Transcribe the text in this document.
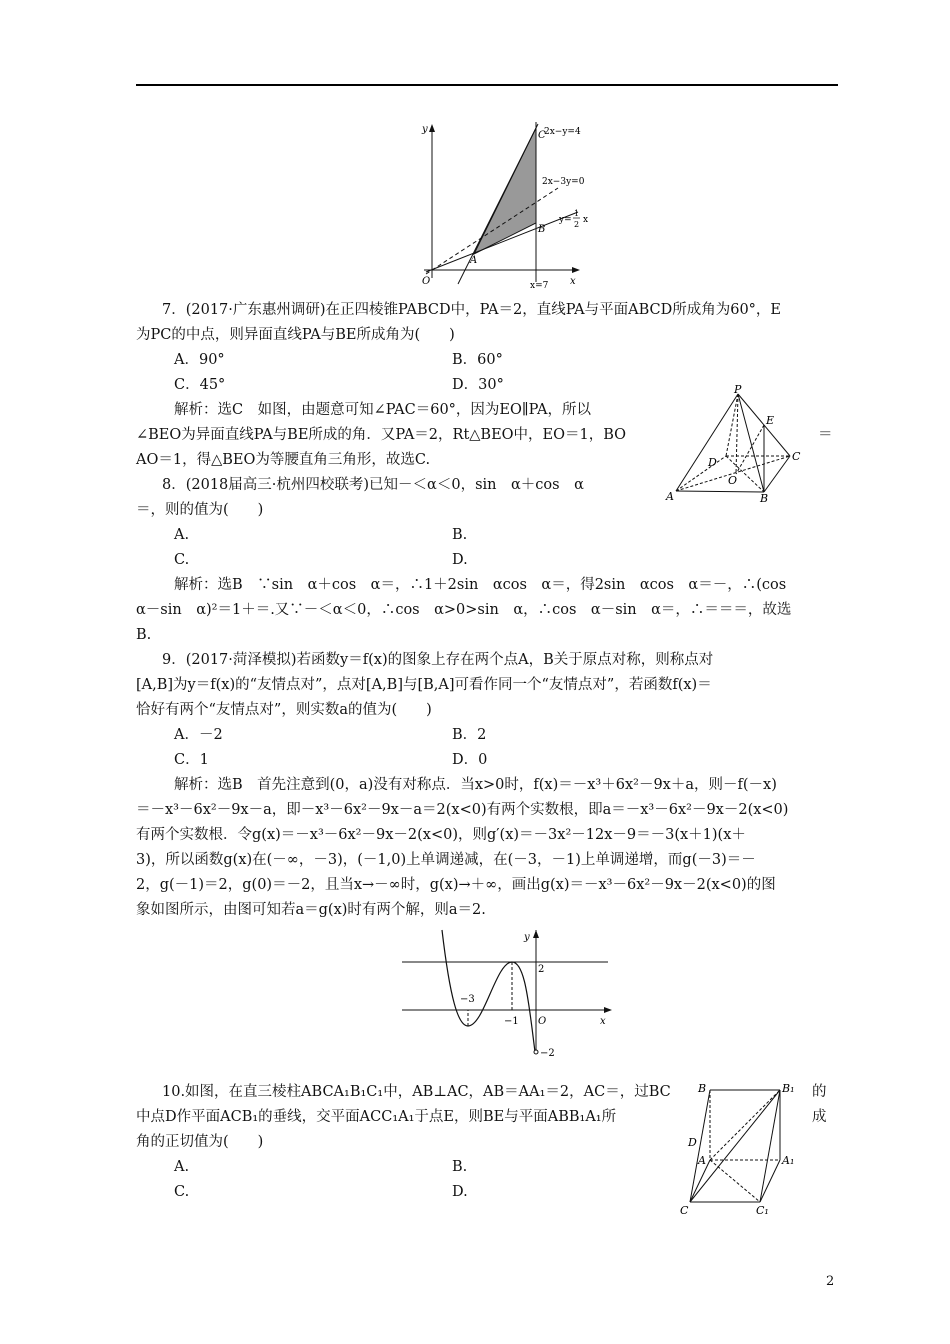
y
C
2x−y=4
2x−3y=0
y=
1
2 x
B
A
O	x
x=7
7．(2017·广东惠州调研)在正四棱锥PABCD中，PA＝2，直线PA与平面ABCD所成角为60°，E
为PC的中点，则异面直线PA与BE所成角为(　　)
A．90°	B．60°
C．45°	D．30°
解析：选C　如图，由题意可知∠PAC＝60°，因为EO∥PA，所以
∠BEO为异面直线PA与BE所成的角．又PA＝2，Rt△BEO中，EO＝1，BO	＝
AO＝1，得△BEO为等腰直角三角形，故选C.
P
E
D	C
O
A	B
8．(2018届高三·杭州四校联考)已知－＜α＜0，sin　α＋cos　α
＝，则的值为(　　)
A.	B.
C.	D.
解析：选B　∵sin　α＋cos　α＝，∴1＋2sin　αcos　α＝，得2sin　αcos　α＝－，∴(cos
α－sin　α)²＝1＋＝.又∵－＜α＜0，∴cos　α>0>sin　α，∴cos　α－sin　α＝，∴＝＝＝，故选
B.
9．(2017·菏泽模拟)若函数y＝f(x)的图象上存在两个点A，B关于原点对称，则称点对
[A,B]为y＝f(x)的“友情点对”，点对[A,B]与[B,A]可看作同一个“友情点对”，若函数f(x)＝
恰好有两个“友情点对”，则实数a的值为(　　)
A．－2	B．2
C．1	D．0
解析：选B　首先注意到(0，a)没有对称点．当x>0时，f(x)＝－x³＋6x²－9x＋a，则－f(－x)
＝－x³－6x²－9x－a，即－x³－6x²－9x－a＝2(x<0)有两个实数根，即a＝－x³－6x²－9x－2(x<0)
有两个实数根．令g(x)＝－x³－6x²－9x－2(x<0)，则g′(x)＝－3x²－12x－9＝－3(x＋1)(x＋
3)，所以函数g(x)在(－∞，－3)，(－1,0)上单调递减，在(－3，－1)上单调递增，而g(－3)＝－
2，g(－1)＝2，g(0)＝－2，且当x→－∞时，g(x)→＋∞，画出g(x)＝－x³－6x²－9x－2(x<0)的图
象如图所示，由图可知若a＝g(x)时有两个解，则a＝2.
y
2
−3
−1 O	x
−2
10.如图，在直三棱柱ABCA₁B₁C₁中，AB⊥AC，AB＝AA₁＝2，AC＝，过BC	的
中点D作平面ACB₁的垂线，交平面ACC₁A₁于点E，则BE与平面ABB₁A₁所	成
角的正切值为(　　)
A.	B.
C.	D.
B	B₁
D
A	A₁
C	C₁
2
